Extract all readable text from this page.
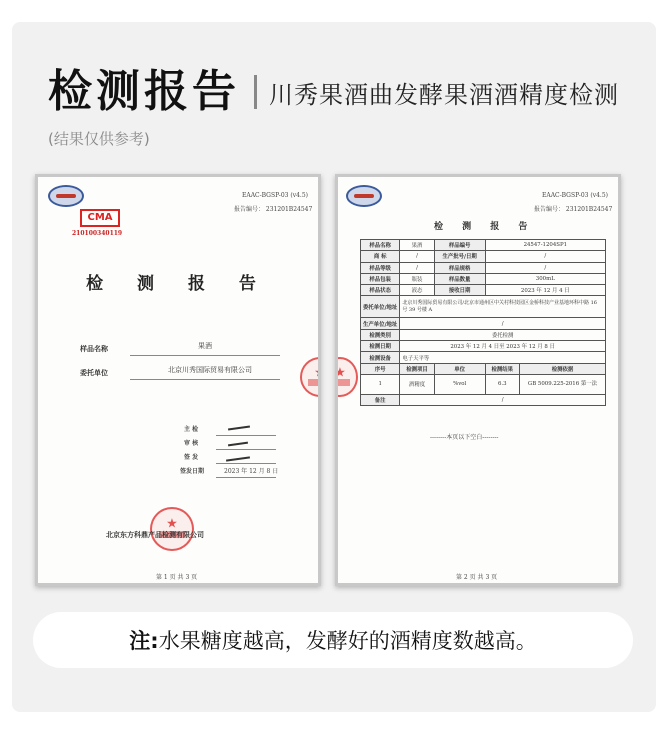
检测报告 川秀果酒曲发酵果酒酒精度检测
(结果仅供参考)
EAAC-BGSP-03 (v4.5)
报告编号： 231201B24547
CMA
210100340119
检 测 报 告
样品名称	果酒
委托单位	北京川秀国际贸易有限公司
主 检
审 核
签 发
签发日期	2023 年 12 月 8 日
★
北京东方科鼎产品检测有限公司
第 1 页 共 3 页
★
EAAC-BGSP-03 (v4.5)
报告编号： 231201B24547
检 测 报 告
样品名称	果酒	样品编号	24547-1204SP1	
商 标	/	生产批号/日期	/	
样品等级	/	样品规格	/	
样品包装	瓶装	样品数量	300mL	
样品状态	液态	接收日期	2023 年 12 月 4 日	
委托单位/地址	北京川秀国际贸易有限公司/北京市通州区中关村科技园区金桥科技产业基地环科中路 16 号 39 号楼 A			
生产单位/地址	/			
检测类别	委托检测			
检测日期	2023 年 12 月 4 日至 2023 年 12 月 8 日			
检测设备	电子天平等			
序号	检测项目	单位	检测结果	检测依据
1	酒精度	%vol	6.3	GB 5009.225-2016 第一法
备注	/			
--------本页以下空白--------
第 2 页 共 3 页
★
注: 水果糖度越高，发酵好的酒精度数越高。
